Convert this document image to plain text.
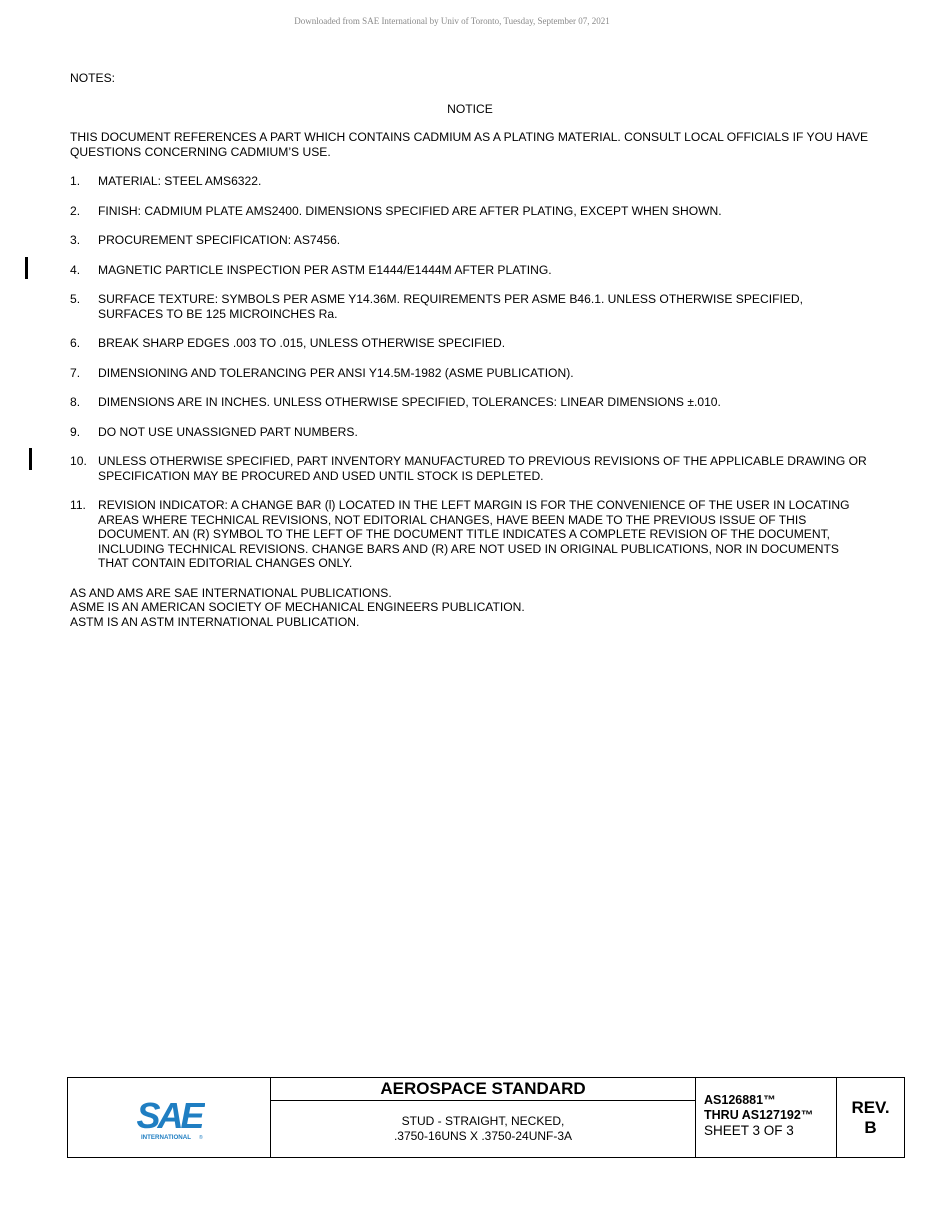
Downloaded from SAE International by Univ of Toronto, Tuesday, September 07, 2021

NOTES:

NOTICE

THIS DOCUMENT REFERENCES A PART WHICH CONTAINS CADMIUM AS A PLATING MATERIAL. CONSULT LOCAL OFFICIALS IF YOU HAVE QUESTIONS CONCERNING CADMIUM’S USE.

1. MATERIAL: STEEL AMS6322.
2. FINISH: CADMIUM PLATE AMS2400. DIMENSIONS SPECIFIED ARE AFTER PLATING, EXCEPT WHEN SHOWN.
3. PROCUREMENT SPECIFICATION: AS7456.
4. MAGNETIC PARTICLE INSPECTION PER ASTM E1444/E1444M AFTER PLATING.
5. SURFACE TEXTURE: SYMBOLS PER ASME Y14.36M. REQUIREMENTS PER ASME B46.1. UNLESS OTHERWISE SPECIFIED, SURFACES TO BE 125 MICROINCHES Ra.
6. BREAK SHARP EDGES .003 TO .015, UNLESS OTHERWISE SPECIFIED.
7. DIMENSIONING AND TOLERANCING PER ANSI Y14.5M-1982 (ASME PUBLICATION).
8. DIMENSIONS ARE IN INCHES. UNLESS OTHERWISE SPECIFIED, TOLERANCES: LINEAR DIMENSIONS ±.010.
9. DO NOT USE UNASSIGNED PART NUMBERS.
10. UNLESS OTHERWISE SPECIFIED, PART INVENTORY MANUFACTURED TO PREVIOUS REVISIONS OF THE APPLICABLE DRAWING OR SPECIFICATION MAY BE PROCURED AND USED UNTIL STOCK IS DEPLETED.
11. REVISION INDICATOR: A CHANGE BAR (l) LOCATED IN THE LEFT MARGIN IS FOR THE CONVENIENCE OF THE USER IN LOCATING AREAS WHERE TECHNICAL REVISIONS, NOT EDITORIAL CHANGES, HAVE BEEN MADE TO THE PREVIOUS ISSUE OF THIS DOCUMENT. AN (R) SYMBOL TO THE LEFT OF THE DOCUMENT TITLE INDICATES A COMPLETE REVISION OF THE DOCUMENT, INCLUDING TECHNICAL REVISIONS. CHANGE BARS AND (R) ARE NOT USED IN ORIGINAL PUBLICATIONS, NOR IN DOCUMENTS THAT CONTAIN EDITORIAL CHANGES ONLY.
AS AND AMS ARE SAE INTERNATIONAL PUBLICATIONS.
ASME IS AN AMERICAN SOCIETY OF MECHANICAL ENGINEERS PUBLICATION.
ASTM IS AN ASTM INTERNATIONAL PUBLICATION.
SAE
INTERNATIONAL ®
AEROSPACE STANDARD
STUD - STRAIGHT, NECKED,
.3750-16UNS X .3750-24UNF-3A
AS126881™
THRU AS127192™
SHEET 3 OF 3
REV.
B
